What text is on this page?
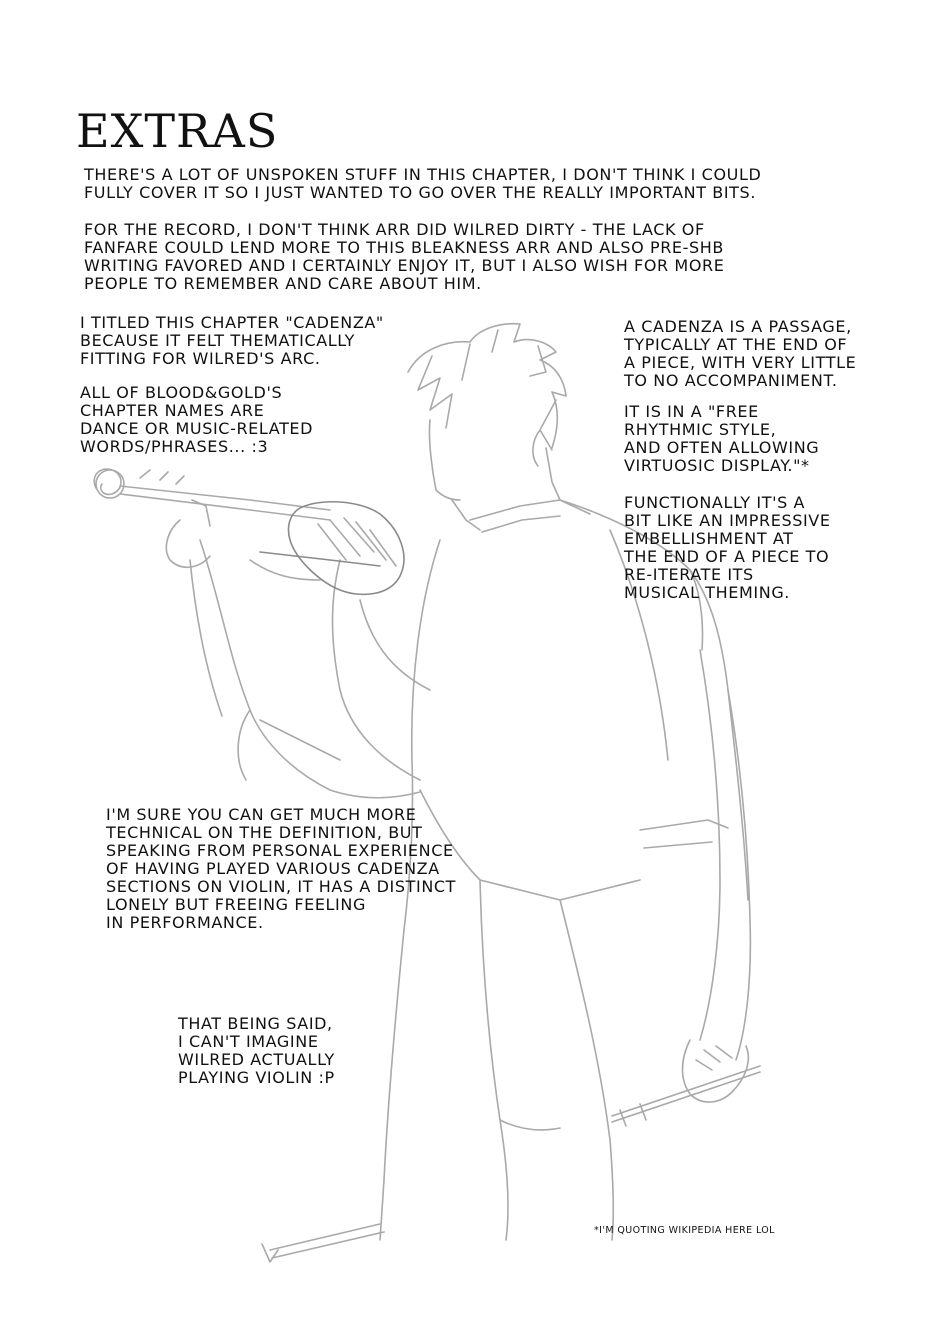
EXTRAS

THERE'S A LOT OF UNSPOKEN STUFF IN THIS CHAPTER, I DON'T THINK I COULD
FULLY COVER IT SO I JUST WANTED TO GO OVER THE REALLY IMPORTANT BITS.

FOR THE RECORD, I DON'T THINK ARR DID WILRED DIRTY - THE LACK OF
FANFARE COULD LEND MORE TO THIS BLEAKNESS ARR AND ALSO PRE-SHB
WRITING FAVORED AND I CERTAINLY ENJOY IT, BUT I ALSO WISH FOR MORE
PEOPLE TO REMEMBER AND CARE ABOUT HIM.

I TITLED THIS CHAPTER "CADENZA"
BECAUSE IT FELT THEMATICALLY
FITTING FOR WILRED'S ARC.

ALL OF BLOOD&GOLD'S
CHAPTER NAMES ARE
DANCE OR MUSIC-RELATED
WORDS/PHRASES... :3

A CADENZA IS A PASSAGE,
TYPICALLY AT THE END OF
A PIECE, WITH VERY LITTLE
TO NO ACCOMPANIMENT.

IT IS IN A "FREE
RHYTHMIC STYLE,
AND OFTEN ALLOWING
VIRTUOSIC DISPLAY."*

FUNCTIONALLY IT'S A
BIT LIKE AN IMPRESSIVE
EMBELLISHMENT AT
THE END OF A PIECE TO
RE-ITERATE ITS
MUSICAL THEMING.

I'M SURE YOU CAN GET MUCH MORE
TECHNICAL ON THE DEFINITION, BUT
SPEAKING FROM PERSONAL EXPERIENCE
OF HAVING PLAYED VARIOUS CADENZA
SECTIONS ON VIOLIN, IT HAS A DISTINCT
LONELY BUT FREEING FEELING
IN PERFORMANCE.

THAT BEING SAID,
I CAN'T IMAGINE
WILRED ACTUALLY
PLAYING VIOLIN :P

*I'M QUOTING WIKIPEDIA HERE LOL
